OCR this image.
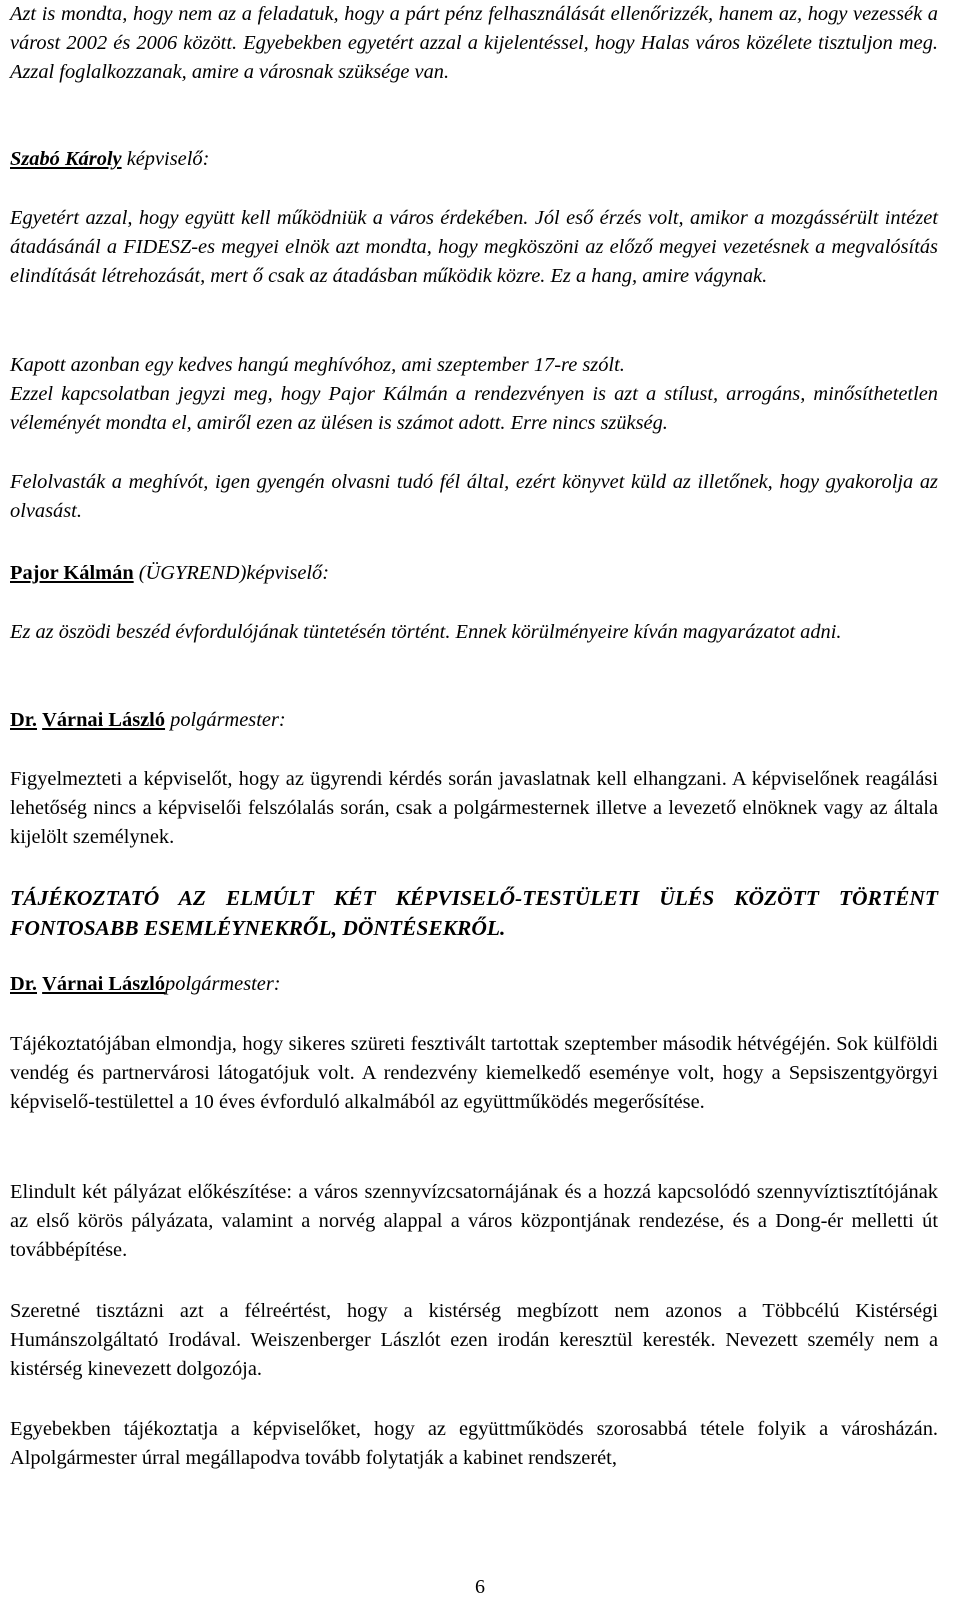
Azt is mondta, hogy nem az a feladatuk, hogy a párt pénz felhasználását ellenőrizzék, hanem az, hogy vezessék a várost 2002 és 2006 között. Egyebekben egyetért azzal a kijelentéssel, hogy Halas város közélete tisztuljon meg. Azzal foglalkozzanak, amire a városnak szüksége van.

Szabó Károly képviselő:

Egyetért azzal, hogy együtt kell működniük a város érdekében. Jól eső érzés volt, amikor a mozgássérült intézet átadásánál a FIDESZ-es megyei elnök azt mondta, hogy megköszöni az előző megyei vezetésnek a megvalósítás elindítását létrehozását, mert ő csak az átadásban működik közre. Ez a hang, amire vágynak.

Kapott azonban egy kedves hangú meghívóhoz, ami szeptember 17-re szólt.

Ezzel kapcsolatban jegyzi meg, hogy Pajor Kálmán a rendezvényen is azt a stílust, arrogáns, minősíthetetlen véleményét mondta el, amiről ezen az ülésen is számot adott. Erre nincs szükség.

Felolvasták a meghívót, igen gyengén olvasni tudó fél által, ezért könyvet küld az illetőnek, hogy gyakorolja az olvasást.

Pajor Kálmán (ÜGYREND)képviselő:

Ez az öszödi beszéd évfordulójának tüntetésén történt. Ennek körülményeire kíván magyarázatot adni.

Dr. Várnai László polgármester:

Figyelmezteti a képviselőt, hogy az ügyrendi kérdés során javaslatnak kell elhangzani. A képviselőnek reagálási lehetőség nincs a képviselői felszólalás során, csak a polgármesternek illetve a levezető elnöknek vagy az általa kijelölt személynek.

TÁJÉKOZTATÓ AZ ELMÚLT KÉT KÉPVISELŐ-TESTÜLETI ÜLÉS KÖZÖTT TÖRTÉNT FONTOSABB ESEMLÉYNEKRŐL, DÖNTÉSEKRŐL.

Dr. Várnai Lászlópolgármester:

Tájékoztatójában elmondja, hogy sikeres szüreti fesztivált tartottak szeptember második hétvégéjén. Sok külföldi vendég és partnervárosi látogatójuk volt. A rendezvény kiemelkedő eseménye volt, hogy a Sepsiszentgyörgyi képviselő-testülettel a 10 éves évforduló alkalmából az együttműködés megerősítése.

Elindult két pályázat előkészítése: a város szennyvízcsatornájának és a hozzá kapcsolódó szennyvíztisztítójának az első körös pályázata, valamint a norvég alappal a város központjának rendezése, és a Dong-ér melletti út továbbépítése.

Szeretné tisztázni azt a félreértést, hogy a kistérség megbízott nem azonos a Többcélú Kistérségi Humánszolgáltató Irodával. Weiszenberger Lászlót ezen irodán keresztül keresték. Nevezett személy nem a kistérség kinevezett dolgozója.

Egyebekben tájékoztatja a képviselőket, hogy az együttműködés szorosabbá tétele folyik a városházán. Alpolgármester úrral megállapodva tovább folytatják a kabinet rendszerét,

6
